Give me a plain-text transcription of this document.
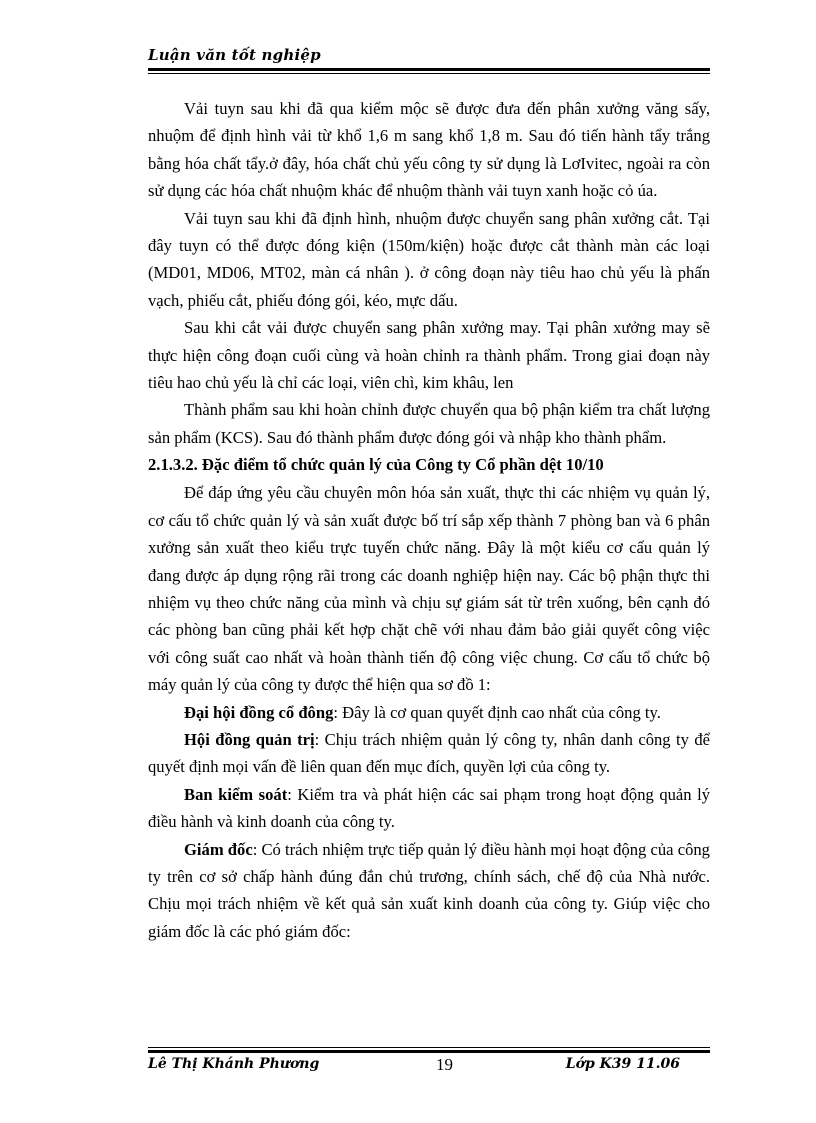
Luận văn tốt nghiệp

Vải tuyn sau khi đã qua kiểm mộc sẽ được đưa đến phân xưởng văng sấy, nhuộm để định hình vải từ khổ 1,6 m sang khổ 1,8 m. Sau đó tiến hành tẩy trắng bằng hóa chất tẩy.ở đây, hóa chất chủ yếu công ty sử dụng là LơIvitec, ngoài ra còn sử dụng các hóa chất nhuộm khác để nhuộm thành vải tuyn xanh hoặc cỏ úa.

Vải tuyn sau khi đã định hình, nhuộm được chuyển sang phân xưởng cắt. Tại đây tuyn có thể được đóng kiện (150m/kiện) hoặc được cắt thành màn các loại (MD01, MD06, MT02, màn cá nhân ). ở công đoạn này tiêu hao chủ yếu là phấn vạch, phiếu cắt, phiếu đóng gói, kéo, mực dấu.

Sau khi cắt vải được chuyển sang phân xưởng may. Tại phân xưởng may sẽ thực hiện công đoạn cuối cùng và hoàn chỉnh ra thành phẩm. Trong giai đoạn này tiêu hao chủ yếu là chỉ các loại, viên chì, kim khâu, len

Thành phẩm sau khi hoàn chỉnh được chuyển qua bộ phận kiểm tra chất lượng sản phẩm (KCS). Sau đó thành phẩm được đóng gói và nhập kho thành phẩm.

2.1.3.2. Đặc điểm tổ chức quản lý của Công ty Cổ phần dệt 10/10

Để đáp ứng yêu cầu chuyên môn hóa sản xuất, thực thi các nhiệm vụ quản lý, cơ cấu tổ chức quản lý và sản xuất được bố trí sắp xếp thành 7 phòng ban và 6 phân xưởng sản xuất theo kiểu trực tuyến chức năng. Đây là một kiểu cơ cấu quản lý đang được áp dụng rộng rãi trong các doanh nghiệp hiện nay. Các bộ phận thực thi nhiệm vụ theo chức năng của mình và chịu sự giám sát từ trên xuống, bên cạnh đó các phòng ban cũng phải kết hợp chặt chẽ với nhau đảm bảo giải quyết công việc với công suất cao nhất và hoàn thành tiến độ công việc chung. Cơ cấu tổ chức bộ máy quản lý của công ty được thể hiện qua sơ đồ 1:

Đại hội đồng cổ đông: Đây là cơ quan quyết định cao nhất của công ty.

Hội đồng quản trị: Chịu trách nhiệm quản lý công ty, nhân danh công ty để quyết định mọi vấn đề liên quan đến mục đích, quyền lợi của công ty.

Ban kiểm soát: Kiểm tra và phát hiện các sai phạm trong hoạt động quản lý điều hành và kinh doanh của công ty.

Giám đốc: Có trách nhiệm trực tiếp quản lý điều hành mọi hoạt động của công ty trên cơ sở chấp hành đúng đắn chủ trương, chính sách, chế độ của Nhà nước. Chịu mọi trách nhiệm về kết quả sản xuất kinh doanh của công ty. Giúp việc cho giám đốc là các phó giám đốc:

Lê Thị Khánh Phương	19	Lớp K39 11.06
